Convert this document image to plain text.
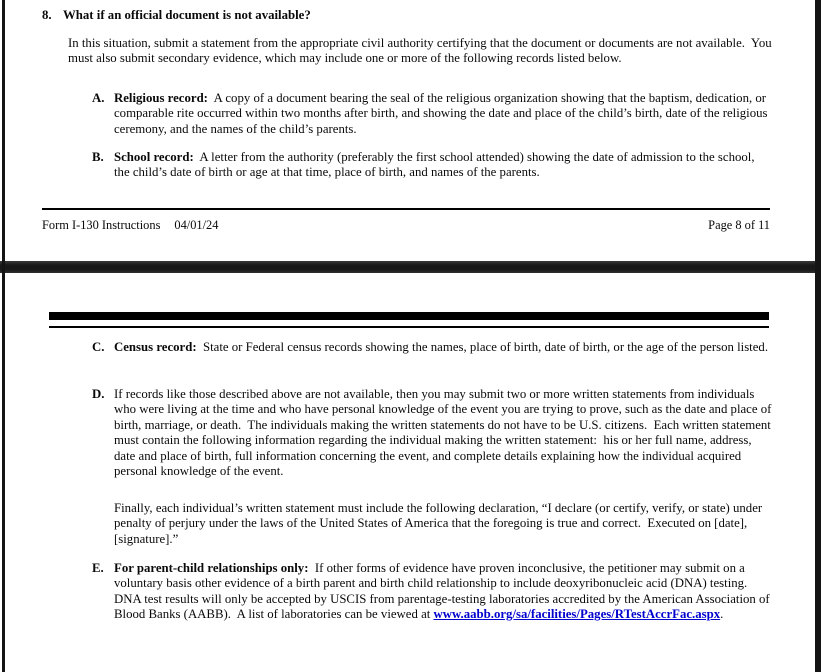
8. What if an official document is not available?
In this situation, submit a statement from the appropriate civil authority certifying that the document or documents are not available.  You must also submit secondary evidence, which may include one or more of the following records listed below.
A. Religious record:  A copy of a document bearing the seal of the religious organization showing that the baptism, dedication, or comparable rite occurred within two months after birth, and showing the date and place of the child’s birth, date of the religious ceremony, and the names of the child’s parents.
B. School record:  A letter from the authority (preferably the first school attended) showing the date of admission to the school, the child’s date of birth or age at that time, place of birth, and names of the parents.
Form I-130 Instructions 04/01/24	Page 8 of 11
C. Census record:  State or Federal census records showing the names, place of birth, date of birth, or the age of the person listed.
D. If records like those described above are not available, then you may submit two or more written statements from individuals who were living at the time and who have personal knowledge of the event you are trying to prove, such as the date and place of birth, marriage, or death.  The individuals making the written statements do not have to be U.S. citizens.  Each written statement must contain the following information regarding the individual making the written statement:  his or her full name, address, date and place of birth, full information concerning the event, and complete details explaining how the individual acquired personal knowledge of the event.
Finally, each individual’s written statement must include the following declaration, “I declare (or certify, verify, or state) under penalty of perjury under the laws of the United States of America that the foregoing is true and correct.  Executed on [date], [signature].”
E. For parent-child relationships only:  If other forms of evidence have proven inconclusive, the petitioner may submit on a voluntary basis other evidence of a birth parent and birth child relationship to include deoxyribonucleic acid (DNA) testing.  DNA test results will only be accepted by USCIS from parentage-testing laboratories accredited by the American Association of Blood Banks (AABB).  A list of laboratories can be viewed at www.aabb.org/sa/facilities/Pages/RTestAccrFac.aspx.
